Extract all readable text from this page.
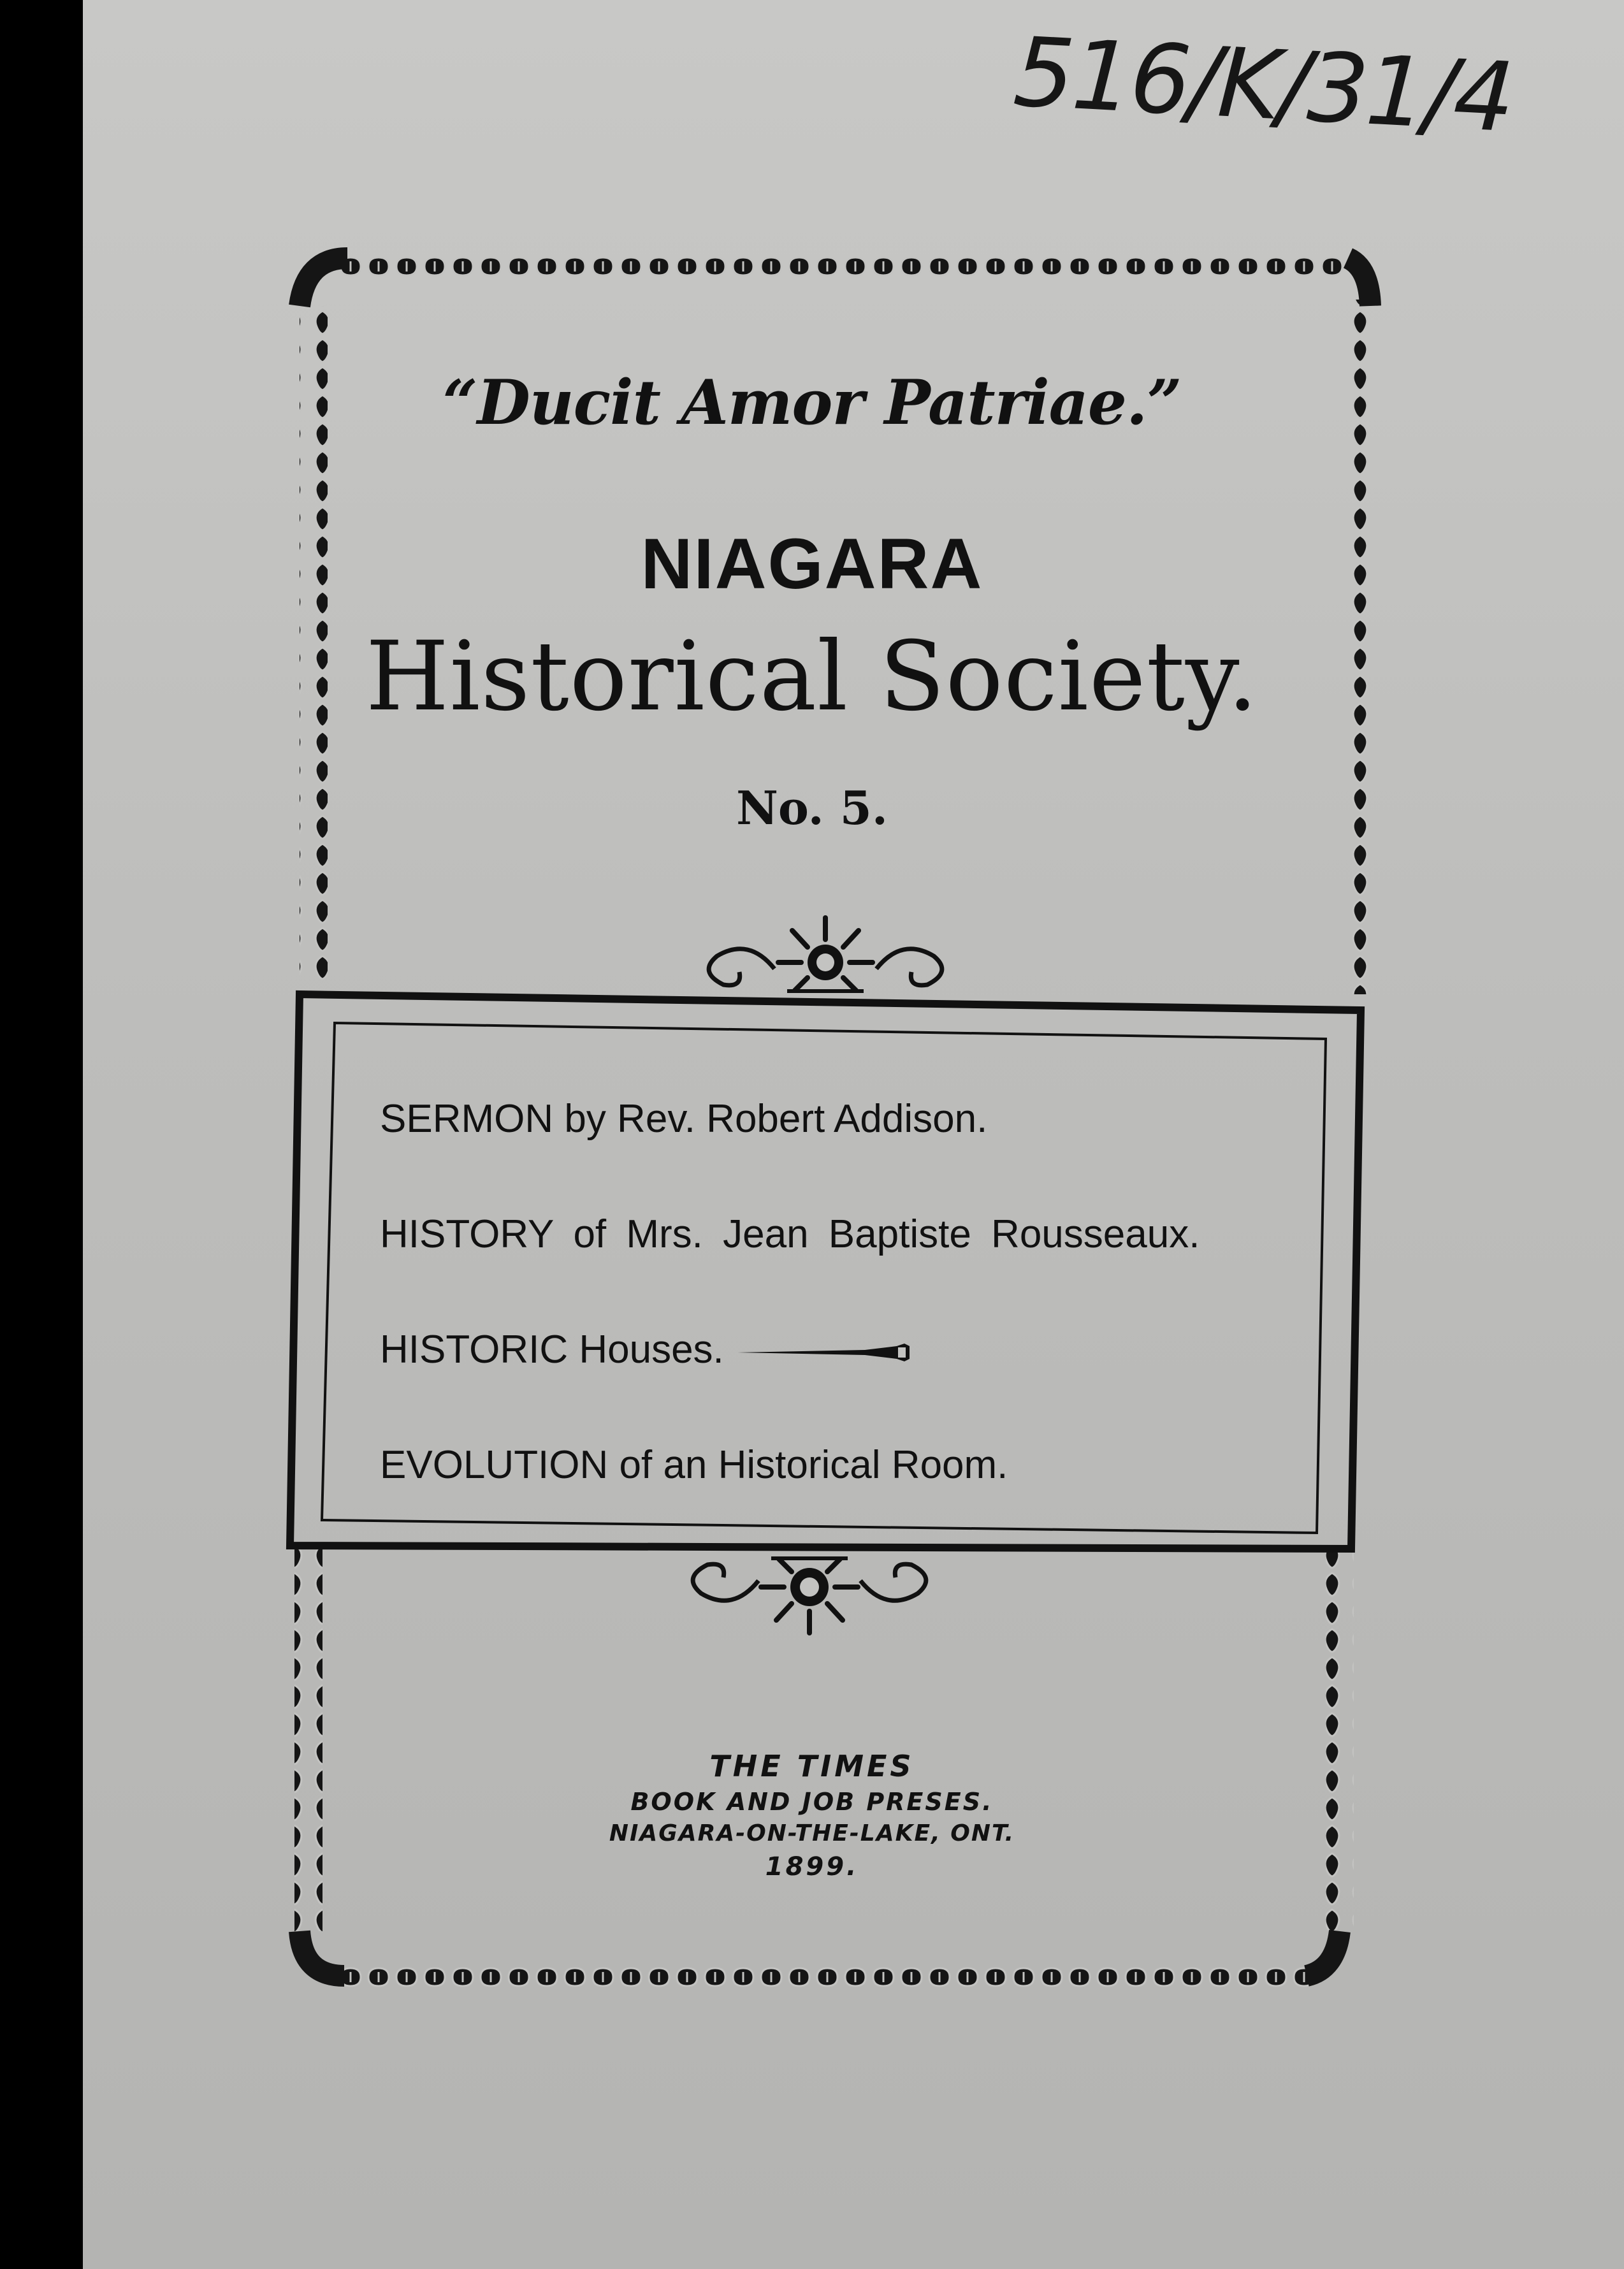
516/K/31/4
“Ducit Amor Patriae.”
NIAGARA
Historical Society.
No. 5.
SERMON by Rev. Robert Addison.
HISTORY of Mrs. Jean Baptiste Rousseaux.
HISTORIC Houses.
EVOLUTION of an Historical Room.
THE TIMES
BOOK AND JOB PRESES.
NIAGARA-ON-THE-LAKE, ONT.
1899.
